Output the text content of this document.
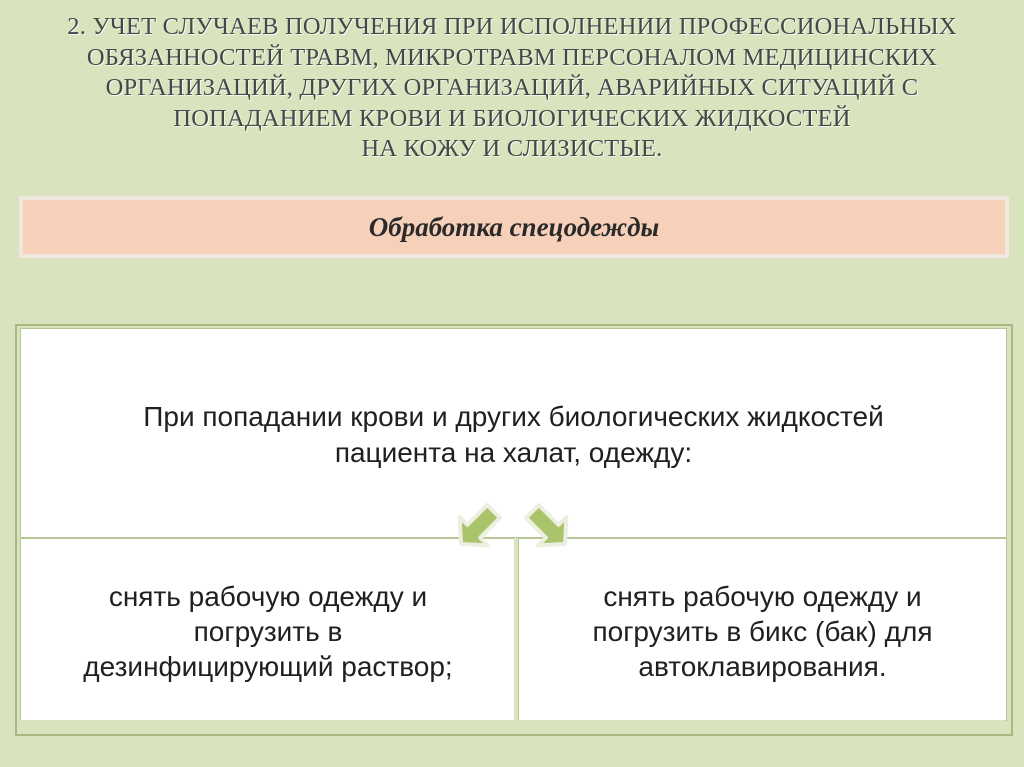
2. УЧЕТ СЛУЧАЕВ ПОЛУЧЕНИЯ ПРИ ИСПОЛНЕНИИ ПРОФЕССИОНАЛЬНЫХ
ОБЯЗАННОСТЕЙ ТРАВМ, МИКРОТРАВМ ПЕРСОНАЛОМ МЕДИЦИНСКИХ
ОРГАНИЗАЦИЙ, ДРУГИХ ОРГАНИЗАЦИЙ, АВАРИЙНЫХ СИТУАЦИЙ С
ПОПАДАНИЕМ КРОВИ И БИОЛОГИЧЕСКИХ ЖИДКОСТЕЙ
НА КОЖУ И СЛИЗИСТЫЕ.
Обработка спецодежды
При попадании крови и других биологических жидкостей
пациента на халат, одежду:
снять рабочую одежду и
погрузить в
дезинфицирующий раствор;
снять рабочую одежду и
погрузить в бикс (бак) для
автоклавирования.
